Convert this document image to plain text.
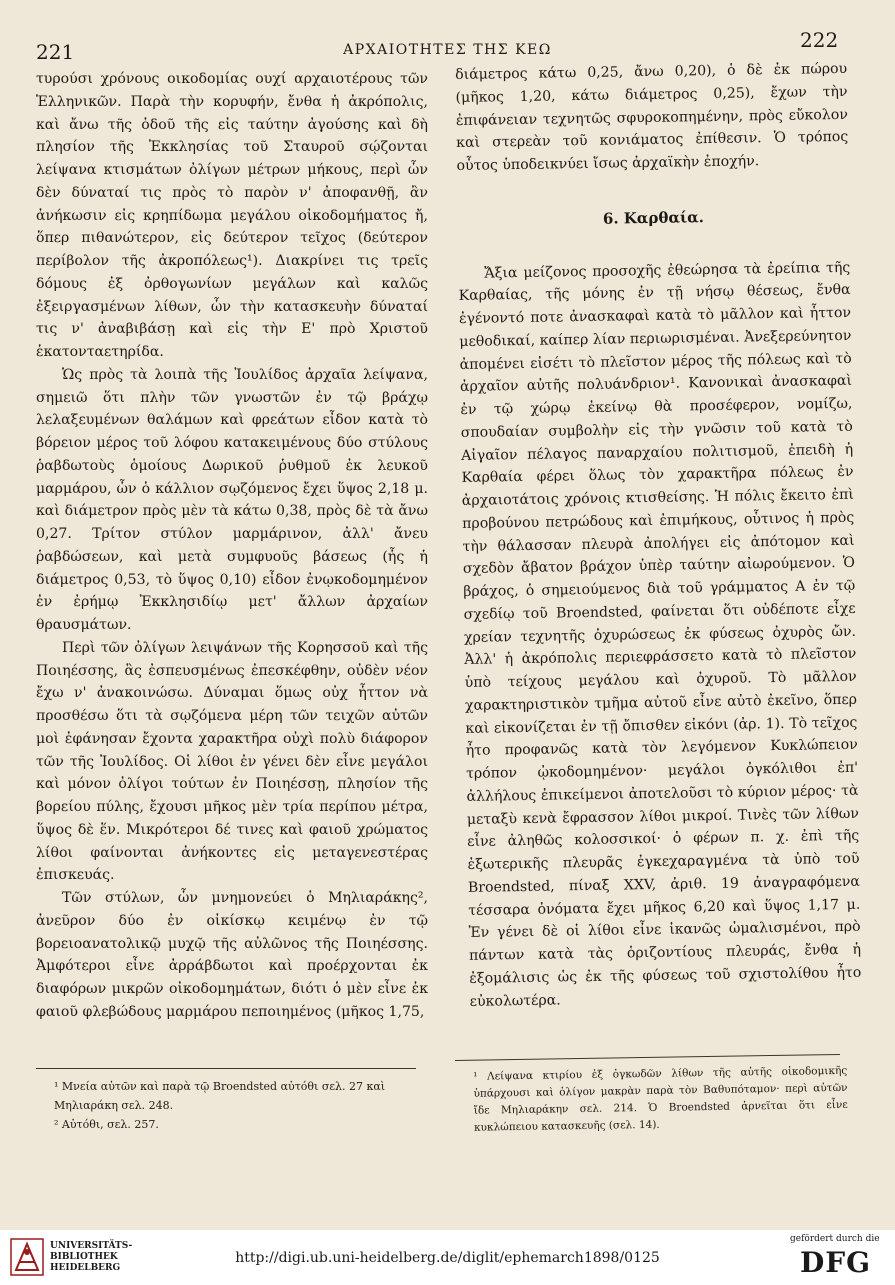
221	ΑΡΧΑΙΟΤΗΤΕΣ ΤΗΣ ΚΕΩ	222

τυρούσι χρόνους οικοδομίας ουχί αρχαιοτέρους τῶν Ἑλληνικῶν. Παρὰ τὴν κορυφήν, ἔνθα ἡ ἀκρόπολις, καὶ ἄνω τῆς ὁδοῦ τῆς εἰς ταύτην ἀγούσης καὶ δὴ πλησίον τῆς Ἐκκλησίας τοῦ Σταυροῦ σῴζονται λείψανα κτισμάτων ὀλίγων μέτρων μήκους, περὶ ὧν δὲν δύναταί τις πρὸς τὸ παρὸν ν' ἀποφανθῇ, ἂν ἀνήκωσιν εἰς κρηπίδωμα μεγάλου οἰκοδομήματος ἤ, ὅπερ πιθανώτερον, εἰς δεύτερον τεῖχος (δεύτερον περίβολον τῆς ἀκροπόλεως¹). Διακρίνει τις τρεῖς δόμους ἐξ ὀρθογωνίων μεγάλων καὶ καλῶς ἐξειργασμένων λίθων, ὧν τὴν κατασκευὴν δύναταί τις ν' ἀναβιβάσῃ καὶ εἰς τὴν Ε' πρὸ Χριστοῦ ἑκατονταετηρίδα.

Ὡς πρὸς τὰ λοιπὰ τῆς Ἰουλίδος ἀρχαῖα λείψανα, σημειῶ ὅτι πλὴν τῶν γνωστῶν ἐν τῷ βράχῳ λελαξευμένων θαλάμων καὶ φρεάτων εἶδον κατὰ τὸ βόρειον μέρος τοῦ λόφου κατακειμένους δύο στύλους ῥαβδωτοὺς ὁμοίους Δωρικοῦ ῥυθμοῦ ἐκ λευκοῦ μαρμάρου, ὧν ὁ κάλλιον σῳζόμενος ἔχει ὕψος 2,18 μ. καὶ διάμετρον πρὸς μὲν τὰ κάτω 0,38, πρὸς δὲ τὰ ἄνω 0,27. Τρίτον στύλον μαρμάρινον, ἀλλ' ἄνευ ῥαβδώσεων, καὶ μετὰ συμφυοῦς βάσεως (ἧς ἡ διάμετρος 0,53, τὸ ὕψος 0,10) εἶδον ἐνῳκοδομημένον ἐν ἐρήμῳ Ἐκκλησιδίῳ μετ' ἄλλων ἀρχαίων θραυσμάτων.

Περὶ τῶν ὀλίγων λειψάνων τῆς Κορησσοῦ καὶ τῆς Ποιηέσσης, ἃς ἐσπευσμένως ἐπεσκέφθην, οὐδὲν νέον ἔχω ν' ἀνακοινώσω. Δύναμαι ὅμως οὐχ ἧττον νὰ προσθέσω ὅτι τὰ σῳζόμενα μέρη τῶν τειχῶν αὐτῶν μοὶ ἐφάνησαν ἔχοντα χαρακτῆρα οὐχὶ πολὺ διάφορον τῶν τῆς Ἰουλίδος. Οἱ λίθοι ἐν γένει δὲν εἶνε μεγάλοι καὶ μόνον ὀλίγοι τούτων ἐν Ποιηέσσῃ, πλησίον τῆς βορείου πύλης, ἔχουσι μῆκος μὲν τρία περίπου μέτρα, ὕψος δὲ ἕν. Μικρότεροι δέ τινες καὶ φαιοῦ χρώματος λίθοι φαίνονται ἀνήκοντες εἰς μεταγενεστέρας ἐπισκευάς.

Τῶν στύλων, ὧν μνημονεύει ὁ Μηλιαράκης², ἀνεῦρον δύο ἐν οἰκίσκῳ κειμένῳ ἐν τῷ βορειοανατολικῷ μυχῷ τῆς αὐλῶνος τῆς Ποιηέσσης. Ἀμφότεροι εἶνε ἀρράβδωτοι καὶ προέρχονται ἐκ διαφόρων μικρῶν οἰκοδομημάτων, διότι ὁ μὲν εἶνε ἐκ φαιοῦ φλεβώδους μαρμάρου πεποιημένος (μῆκος 1,75,

¹ Μνεία αὐτῶν καὶ παρὰ τῷ Broendsted αὐτόθι σελ. 27 καὶ Μηλιαράκη σελ. 248.

² Αὐτόθι, σελ. 257.

διάμετρος κάτω 0,25, ἄνω 0,20), ὁ δὲ ἐκ πώρου (μῆκος 1,20, κάτω διάμετρος 0,25), ἔχων τὴν ἐπιφάνειαν τεχνητῶς σφυροκοπημένην, πρὸς εὔκολον καὶ στερεὰν τοῦ κονιάματος ἐπίθεσιν. Ὁ τρόπος οὗτος ὑποδεικνύει ἴσως ἀρχαϊκὴν ἐποχήν.

6. Καρθαία.

Ἄξια μείζονος προσοχῆς ἐθεώρησα τὰ ἐρείπια τῆς Καρθαίας, τῆς μόνης ἐν τῇ νήσῳ θέσεως, ἔνθα ἐγένοντό ποτε ἀνασκαφαὶ κατὰ τὸ μᾶλλον καὶ ἧττον μεθοδικαί, καίπερ λίαν περιωρισμέναι. Ἀνεξερεύνητον ἀπομένει εἰσέτι τὸ πλεῖστον μέρος τῆς πόλεως καὶ τὸ ἀρχαῖον αὐτῆς πολυάνδριον¹. Κανονικαὶ ἀνασκαφαὶ ἐν τῷ χώρῳ ἐκείνῳ θὰ προσέφερον, νομίζω, σπουδαίαν συμβολὴν εἰς τὴν γνῶσιν τοῦ κατὰ τὸ Αἰγαῖον πέλαγος παναρχαίου πολιτισμοῦ, ἐπειδὴ ἡ Καρθαία φέρει ὅλως τὸν χαρακτῆρα πόλεως ἐν ἀρχαιοτάτοις χρόνοις κτισθείσης. Ἡ πόλις ἔκειτο ἐπὶ προβούνου πετρώδους καὶ ἐπιμήκους, οὗτινος ἡ πρὸς τὴν θάλασσαν πλευρὰ ἀπολήγει εἰς ἀπότομον καὶ σχεδὸν ἄβατον βράχον ὑπὲρ ταύτην αἰωρούμενον. Ὁ βράχος, ὁ σημειούμενος διὰ τοῦ γράμματος Α ἐν τῷ σχεδίῳ τοῦ Broendsted, φαίνεται ὅτι οὐδέποτε εἶχε χρείαν τεχνητῆς ὀχυρώσεως ἐκ φύσεως ὀχυρὸς ὤν. Ἀλλ' ἡ ἀκρόπολις περιεφράσσετο κατὰ τὸ πλεῖστον ὑπὸ τείχους μεγάλου καὶ ὀχυροῦ. Τὸ μᾶλλον χαρακτηριστικὸν τμῆμα αὐτοῦ εἶνε αὐτὸ ἐκεῖνο, ὅπερ καὶ εἰκονίζεται ἐν τῇ ὄπισθεν εἰκόνι (ἀρ. 1). Τὸ τεῖχος ἦτο προφανῶς κατὰ τὸν λεγόμενον Κυκλώπειον τρόπον ᾠκοδομημένον· μεγάλοι ὀγκόλιθοι ἐπ' ἀλλήλους ἐπικείμενοι ἀποτελοῦσι τὸ κύριον μέρος· τὰ μεταξὺ κενὰ ἔφρασσον λίθοι μικροί. Τινὲς τῶν λίθων εἶνε ἀληθῶς κολοσσικοί· ὁ φέρων π. χ. ἐπὶ τῆς ἐξωτερικῆς πλευρᾶς ἐγκεχαραγμένα τὰ ὑπὸ τοῦ Broendsted, πίναξ XXV, ἀριθ. 19 ἀναγραφόμενα τέσσαρα ὀνόματα ἔχει μῆκος 6,20 καὶ ὕψος 1,17 μ. Ἐν γένει δὲ οἱ λίθοι εἶνε ἱκανῶς ὡμαλισμένοι, πρὸ πάντων κατὰ τὰς ὁριζοντίους πλευράς, ἔνθα ἡ ἐξομάλισις ὡς ἐκ τῆς φύσεως τοῦ σχιστολίθου ἦτο εὐκολωτέρα.

¹ Λείψανα κτιρίου ἐξ ὀγκωδῶν λίθων τῆς αὐτῆς οἰκοδομικῆς ὑπάρχουσι καὶ ὀλίγον μακρὰν παρὰ τὸν Βαθυπόταμον· περὶ αὐτῶν ἴδε Μηλιαράκην σελ. 214. Ὁ Broendsted ἀρνεῖται ὅτι εἶνε κυκλώπειου κατασκευῆς (σελ. 14).

UNIVERSITÄTS-
BIBLIOTHEK
HEIDELBERG
http://digi.ub.uni-heidelberg.de/diglit/ephemarch1898/0125
gefördert durch die
DFG
